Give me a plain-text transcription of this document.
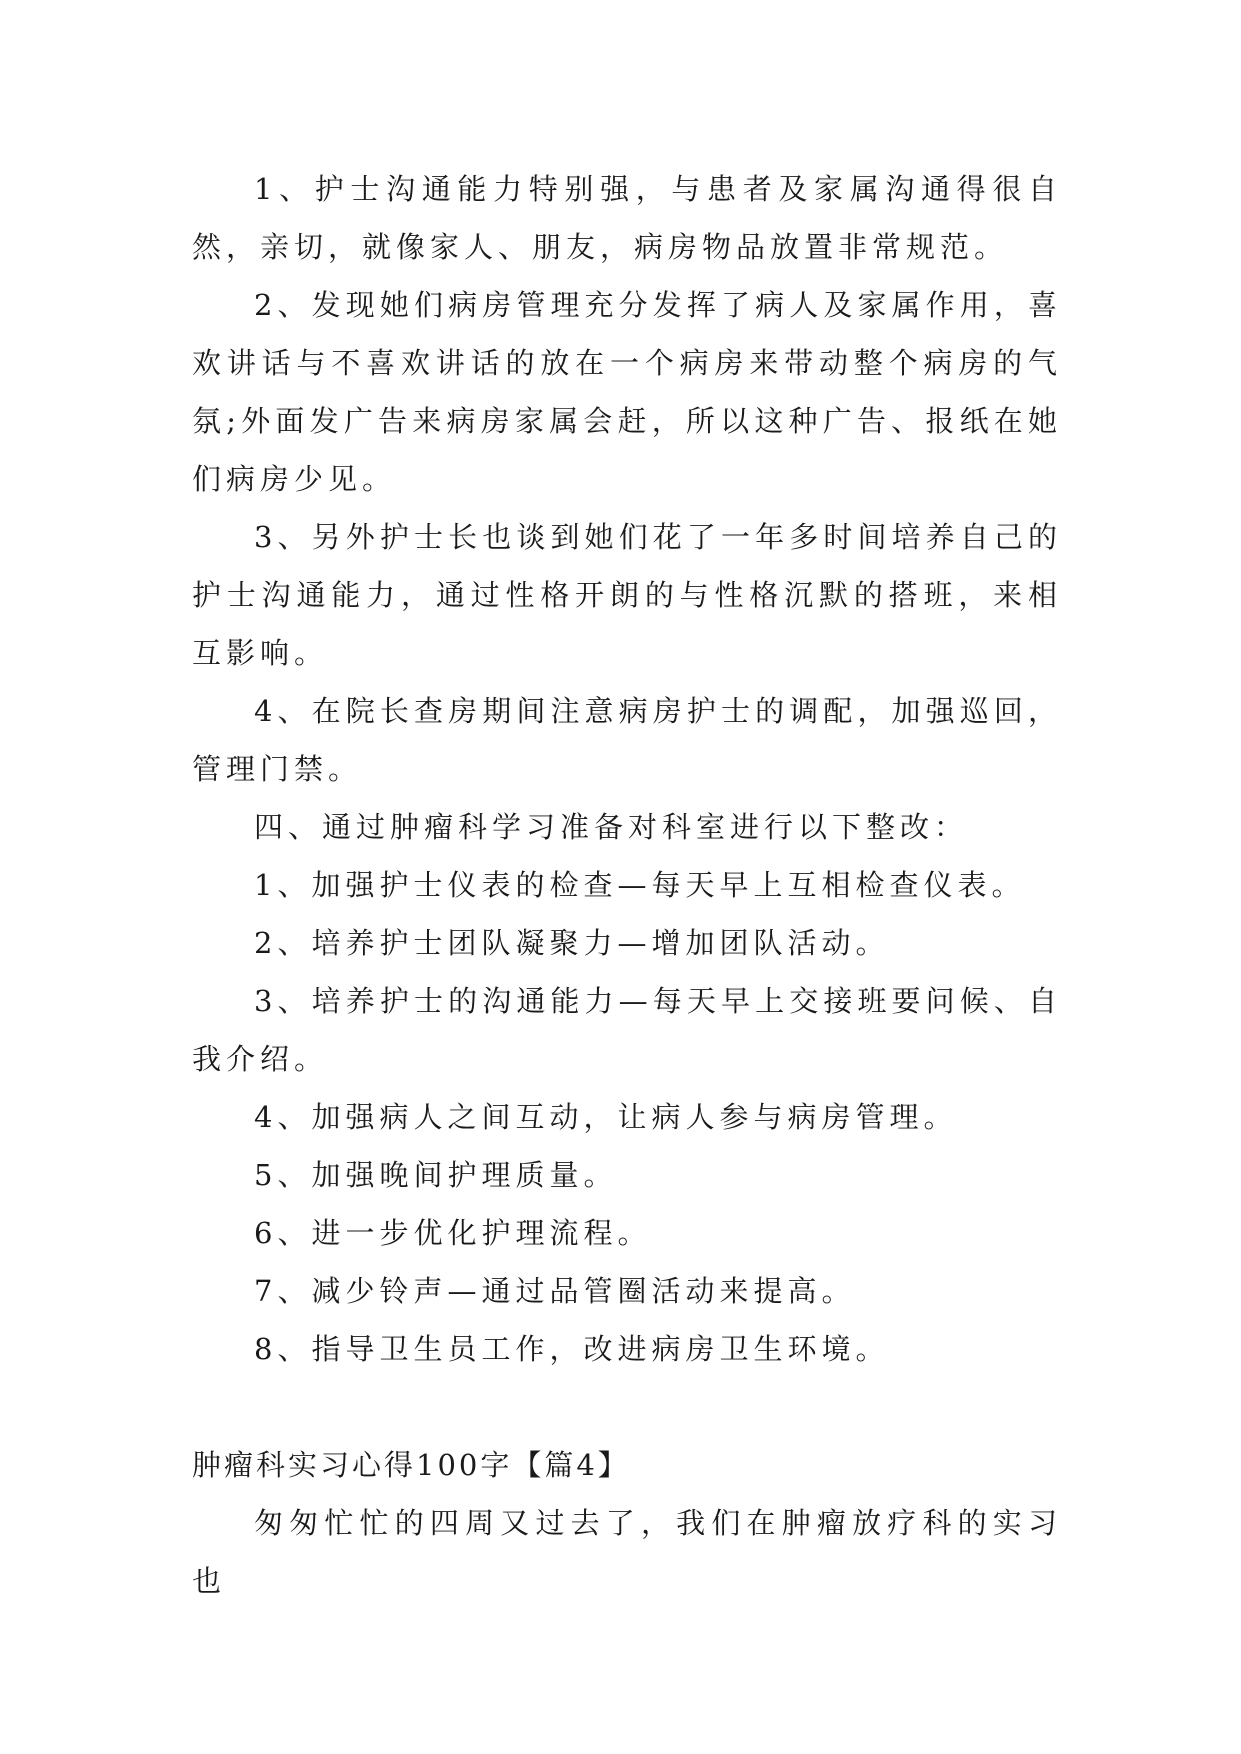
1、护士沟通能力特别强，与患者及家属沟通得很自然，亲切，就像家人、朋友，病房物品放置非常规范。

2、发现她们病房管理充分发挥了病人及家属作用，喜欢讲话与不喜欢讲话的放在一个病房来带动整个病房的气氛;外面发广告来病房家属会赶，所以这种广告、报纸在她们病房少见。

3、另外护士长也谈到她们花了一年多时间培养自己的护士沟通能力，通过性格开朗的与性格沉默的搭班，来相互影响。

4、在院长查房期间注意病房护士的调配，加强巡回，管理门禁。

四、通过肿瘤科学习准备对科室进行以下整改：

1、加强护士仪表的检查—每天早上互相检查仪表。

2、培养护士团队凝聚力—增加团队活动。

3、培养护士的沟通能力—每天早上交接班要问候、自我介绍。

4、加强病人之间互动，让病人参与病房管理。

5、加强晚间护理质量。

6、进一步优化护理流程。

7、减少铃声—通过品管圈活动来提高。

8、指导卫生员工作，改进病房卫生环境。

肿瘤科实习心得100字【篇4】

匆匆忙忙的四周又过去了，我们在肿瘤放疗科的实习也
